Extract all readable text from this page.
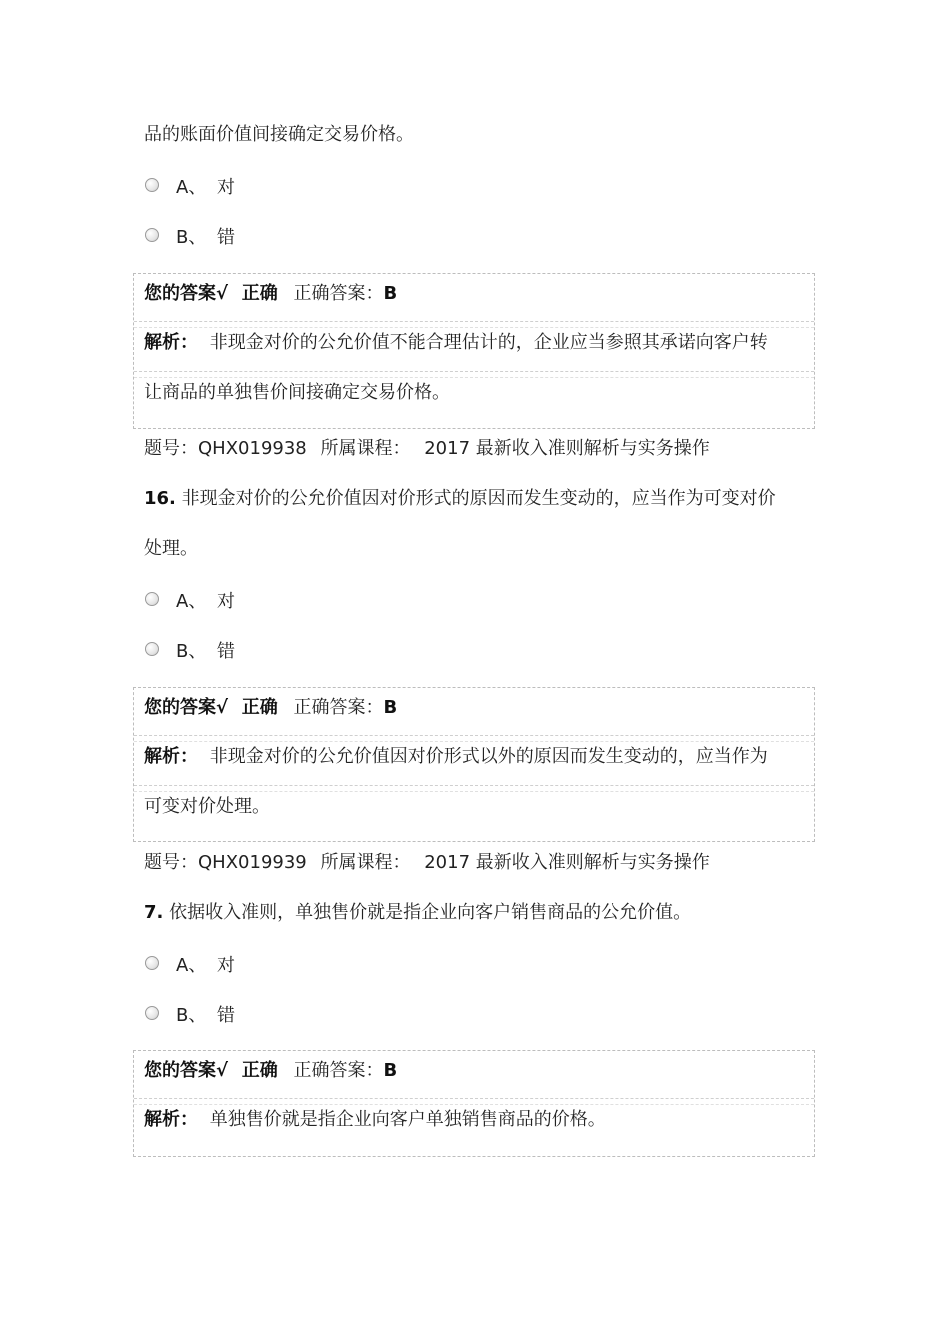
品的账面价值间接确定交易价格。
A、 对
B、 错
您的答案√ 正确 正确答案：B
解析： 非现金对价的公允价值不能合理估计的，企业应当参照其承诺向客户转
让商品的单独售价间接确定交易价格。
题号：QHX019938 所属课程： 2017 最新收入准则解析与实务操作
16. 非现金对价的公允价值因对价形式的原因而发生变动的，应当作为可变对价
处理。
A、 对
B、 错
您的答案√ 正确 正确答案：B
解析： 非现金对价的公允价值因对价形式以外的原因而发生变动的，应当作为
可变对价处理。
题号：QHX019939 所属课程： 2017 最新收入准则解析与实务操作
7. 依据收入准则，单独售价就是指企业向客户销售商品的公允价值。
A、 对
B、 错
您的答案√ 正确 正确答案：B
解析： 单独售价就是指企业向客户单独销售商品的价格。
